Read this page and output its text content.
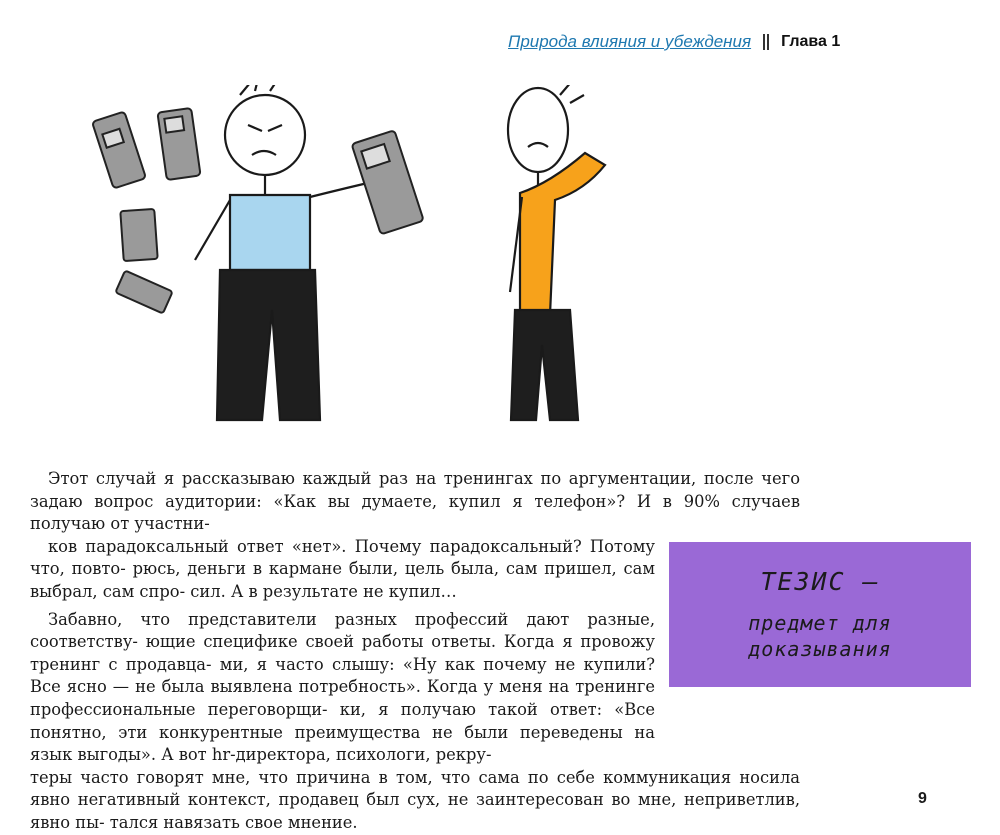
Природа влияния и убеждения Глава 1

Этот случай я рассказываю каждый раз на тренингах по аргументации, после чего задаю вопрос аудитории: «Как вы думаете, купил я телефон»? И в 90% случаев получаю от участни-
ков парадоксальный ответ «нет». Почему парадоксальный? Потому что, повто- рюсь, деньги в кармане были, цель была, сам пришел, сам выбрал, сам спро- сил. А в результате не купил…

Забавно, что представители разных профессий дают разные, соответству- ющие специфике своей работы ответы. Когда я провожу тренинг с продавца- ми, я часто слышу: «Ну как почему не купили? Все ясно — не была выявлена потребность». Когда у меня на тренинге профессиональные переговорщи- ки, я получаю такой ответ: «Все понятно, эти конкурентные преимущества не были переведены на язык выгоды». А вот hr-директора, психологи, рекру-
теры часто говорят мне, что причина в том, что сама по себе коммуникация носила явно негативный контекст, продавец был сух, не заинтересован во мне, неприветлив, явно пы- тался навязать свое мнение.

ТЕЗИС —
предмет для
доказывания
9
